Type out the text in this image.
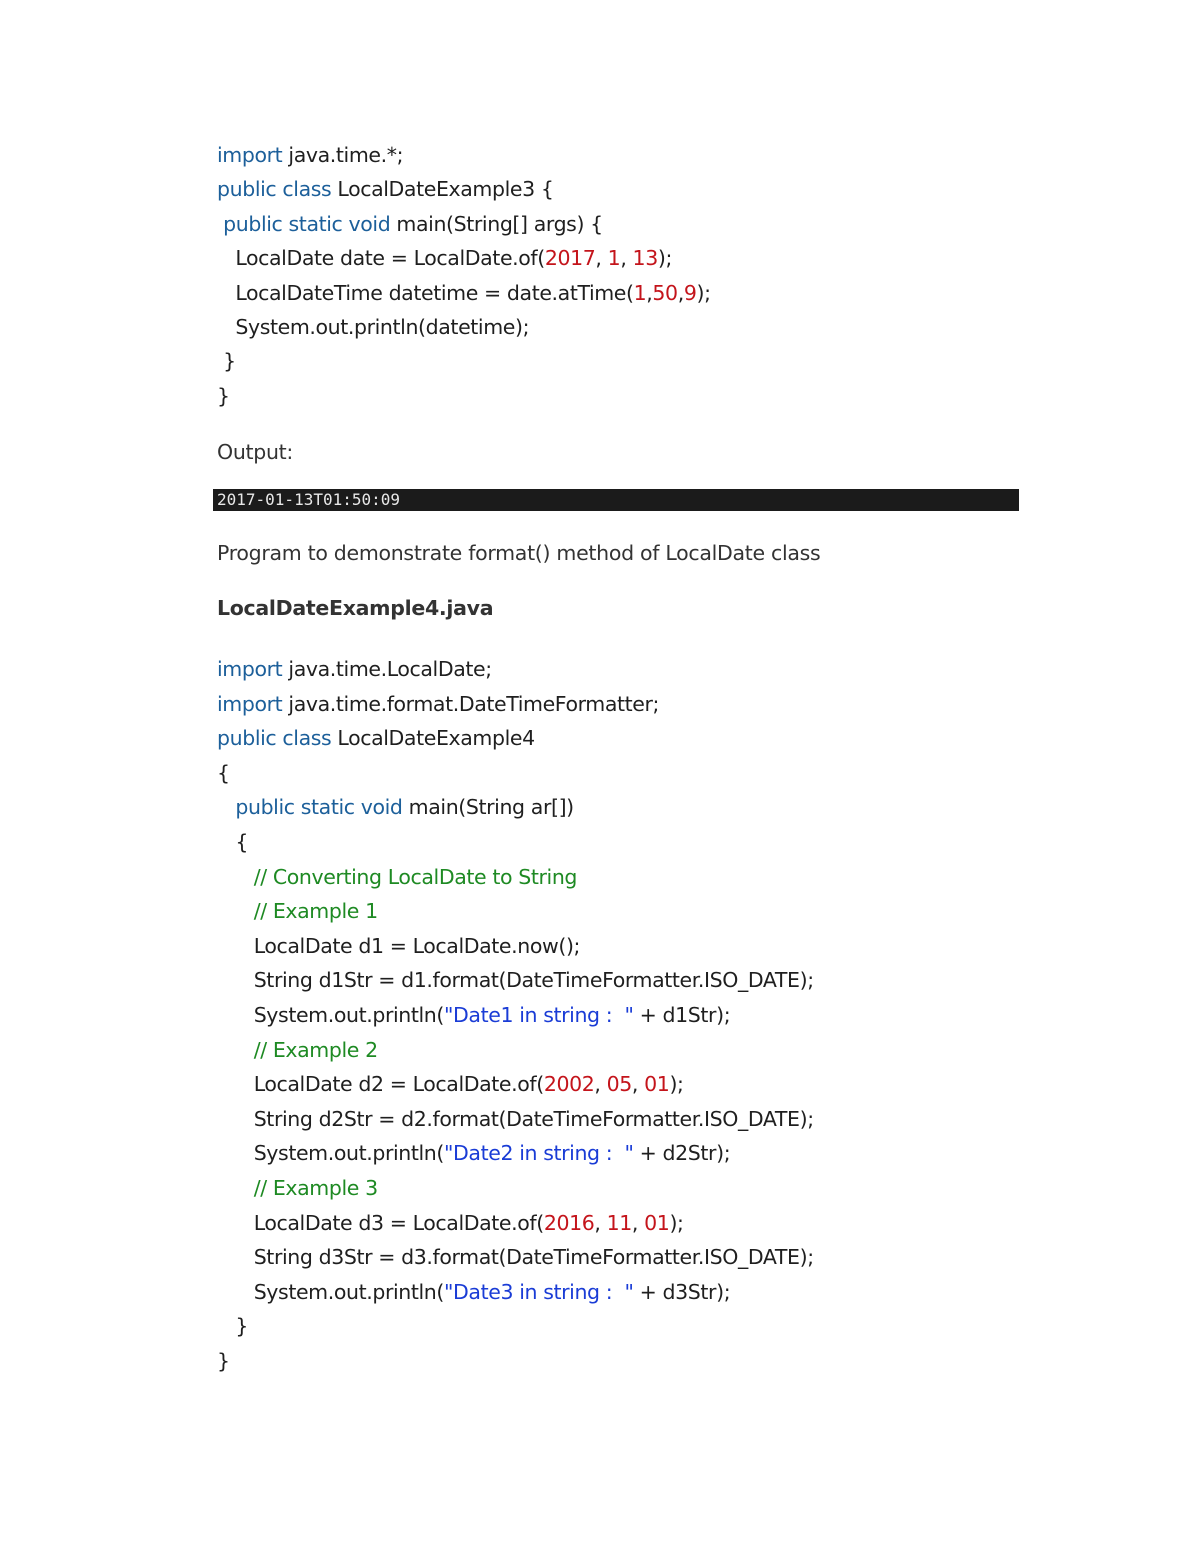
import java.time.*;
public class LocalDateExample3 {
public static void main(String[] args) {
LocalDate date = LocalDate.of(2017, 1, 13);
LocalDateTime datetime = date.atTime(1,50,9);
System.out.println(datetime);
}
}
Output:
2017-01-13T01:50:09
Program to demonstrate format() method of LocalDate class
LocalDateExample4.java
import java.time.LocalDate;
import java.time.format.DateTimeFormatter;
public class LocalDateExample4
{
public static void main(String ar[])
{
// Converting LocalDate to String
// Example 1
LocalDate d1 = LocalDate.now();
String d1Str = d1.format(DateTimeFormatter.ISO_DATE);
System.out.println("Date1 in string :  " + d1Str);
// Example 2
LocalDate d2 = LocalDate.of(2002, 05, 01);
String d2Str = d2.format(DateTimeFormatter.ISO_DATE);
System.out.println("Date2 in string :  " + d2Str);
// Example 3
LocalDate d3 = LocalDate.of(2016, 11, 01);
String d3Str = d3.format(DateTimeFormatter.ISO_DATE);
System.out.println("Date3 in string :  " + d3Str);
}
}
